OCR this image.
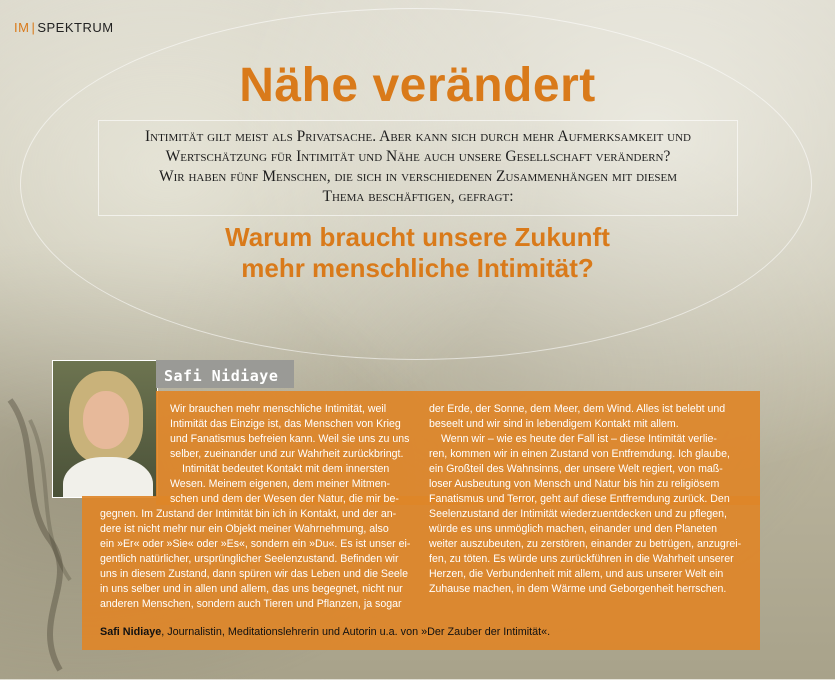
IM | SPEKTRUM
Nähe verändert
Intimität gilt meist als Privatsache. Aber kann sich durch mehr Aufmerksamkeit und
Wertschätzung für Intimität und Nähe auch unsere Gesellschaft verändern?
Wir haben fünf Menschen, die sich in verschiedenen Zusammenhängen mit diesem
Thema beschäftigen, gefragt:
Warum braucht unsere Zukunft
mehr menschliche Intimität?
Safi Nidiaye
Wir brauchen mehr menschliche Intimität, weil
Intimität das Einzige ist, das Menschen von Krieg
und Fanatismus befreien kann. Weil sie uns zu uns
selber, zueinander und zur Wahrheit zurückbringt.
Intimität bedeutet Kontakt mit dem innersten
Wesen. Meinem eigenen, dem meiner Mitmen-
schen und dem der Wesen der Natur, die mir be-
gegnen. Im Zustand der Intimität bin ich in Kontakt, und der an-
dere ist nicht mehr nur ein Objekt meiner Wahrnehmung, also
ein »Er« oder »Sie« oder »Es«, sondern ein »Du«. Es ist unser ei-
gentlich natürlicher, ursprünglicher Seelenzustand. Befinden wir
uns in diesem Zustand, dann spüren wir das Leben und die Seele
in uns selber und in allen und allem, das uns begegnet, nicht nur
anderen Menschen, sondern auch Tieren und Pflanzen, ja sogar
der Erde, der Sonne, dem Meer, dem Wind. Alles ist belebt und
beseelt und wir sind in lebendigem Kontakt mit allem.
Wenn wir – wie es heute der Fall ist – diese Intimität verlie-
ren, kommen wir in einen Zustand von Entfremdung. Ich glaube,
ein Großteil des Wahnsinns, der unsere Welt regiert, von maß-
loser Ausbeutung von Mensch und Natur bis hin zu religiösem
Fanatismus und Terror, geht auf diese Entfremdung zurück. Den
Seelenzustand der Intimität wiederzuentdecken und zu pflegen,
würde es uns unmöglich machen, einander und den Planeten
weiter auszubeuten, zu zerstören, einander zu betrügen, anzugrei-
fen, zu töten. Es würde uns zurückführen in die Wahrheit unserer
Herzen, die Verbundenheit mit allem, und aus unserer Welt ein
Zuhause machen, in dem Wärme und Geborgenheit herrschen.
Safi Nidiaye, Journalistin, Meditationslehrerin und Autorin u.a. von »Der Zauber der Intimität«.
